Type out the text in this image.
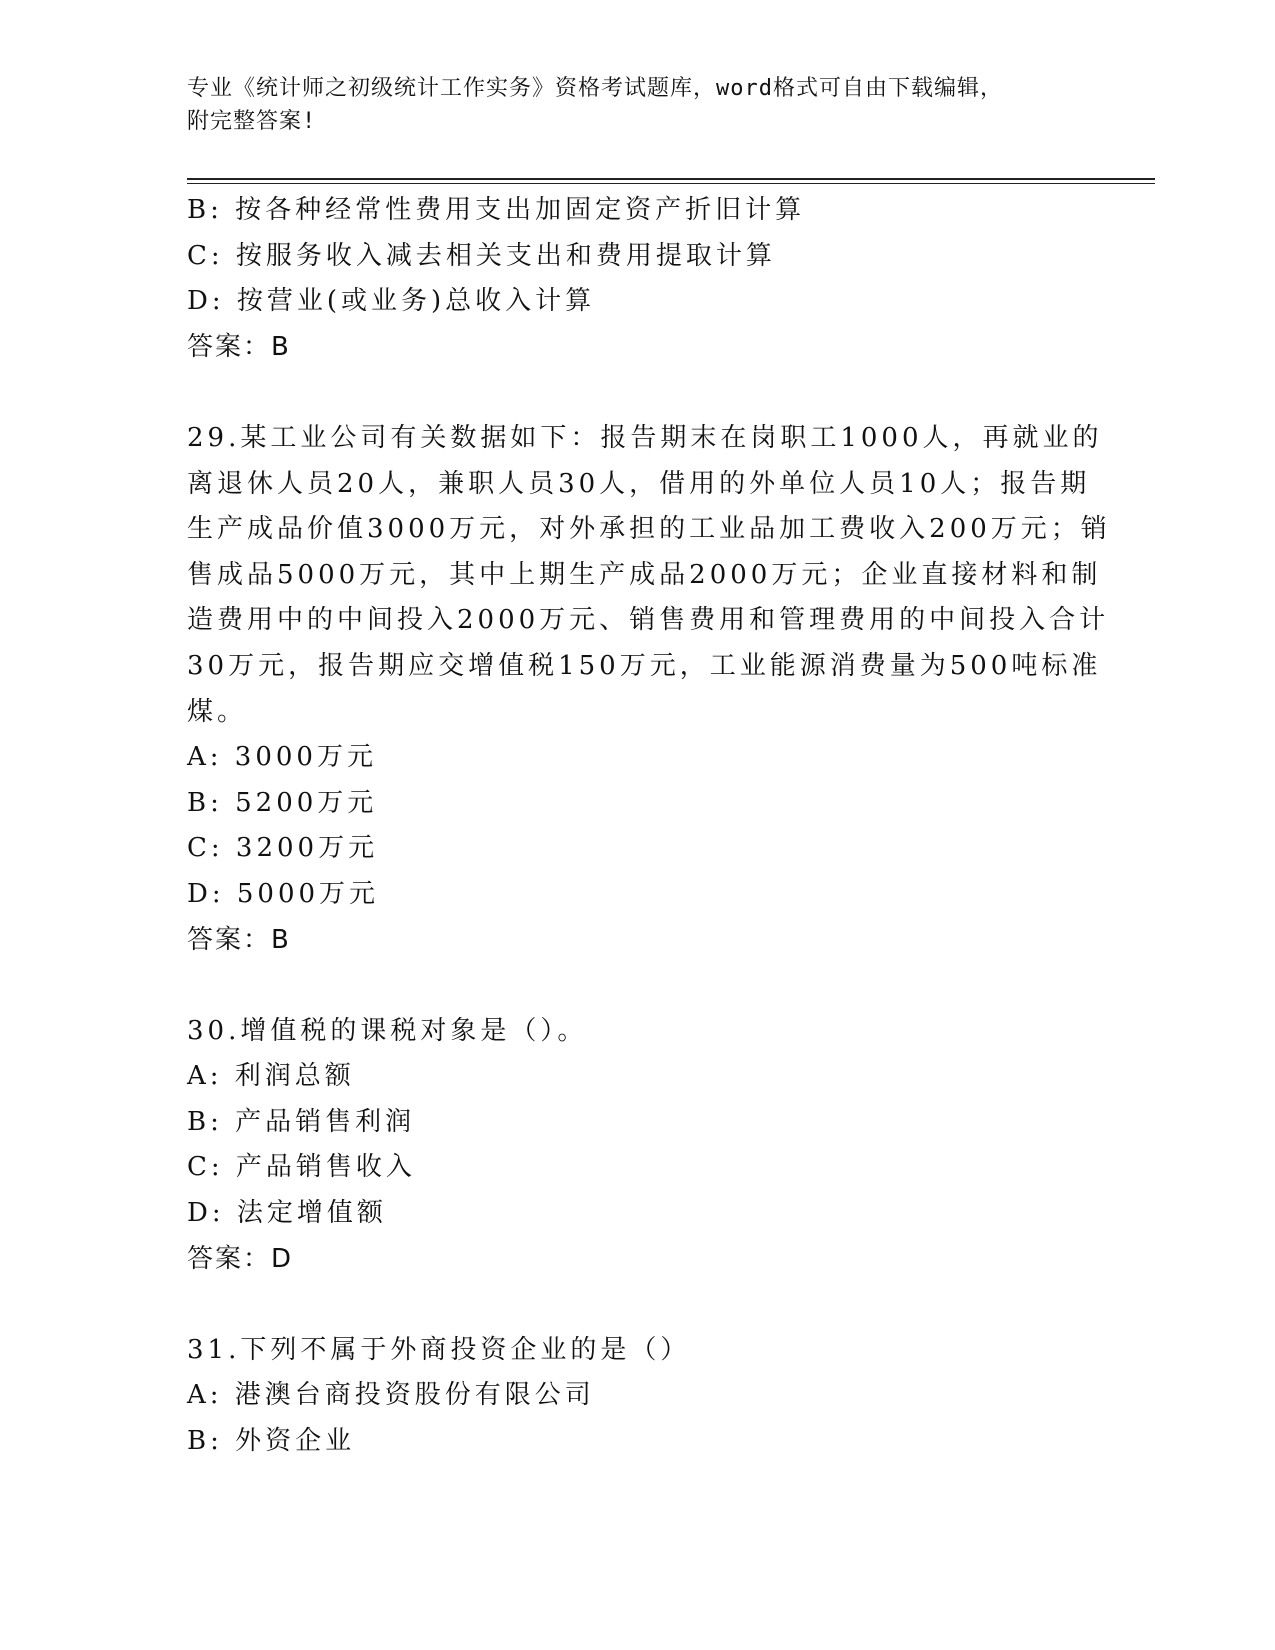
专业《统计师之初级统计工作实务》资格考试题库，word格式可自由下载编辑，
附完整答案!
B: 按各种经常性费用支出加固定资产折旧计算
C: 按服务收入减去相关支出和费用提取计算
D: 按营业(或业务)总收入计算
答案：B
29.某工业公司有关数据如下：报告期末在岗职工1000人，再就业的
离退休人员20人，兼职人员30人，借用的外单位人员10人；报告期
生产成品价值3000万元，对外承担的工业品加工费收入200万元；销
售成品5000万元，其中上期生产成品2000万元；企业直接材料和制
造费用中的中间投入2000万元、销售费用和管理费用的中间投入合计
30万元，报告期应交增值税150万元，工业能源消费量为500吨标准
煤。
A: 3000万元
B: 5200万元
C: 3200万元
D: 5000万元
答案：B
30.增值税的课税对象是（）。
A: 利润总额
B: 产品销售利润
C: 产品销售收入
D: 法定增值额
答案：D
31.下列不属于外商投资企业的是（）
A: 港澳台商投资股份有限公司
B: 外资企业
